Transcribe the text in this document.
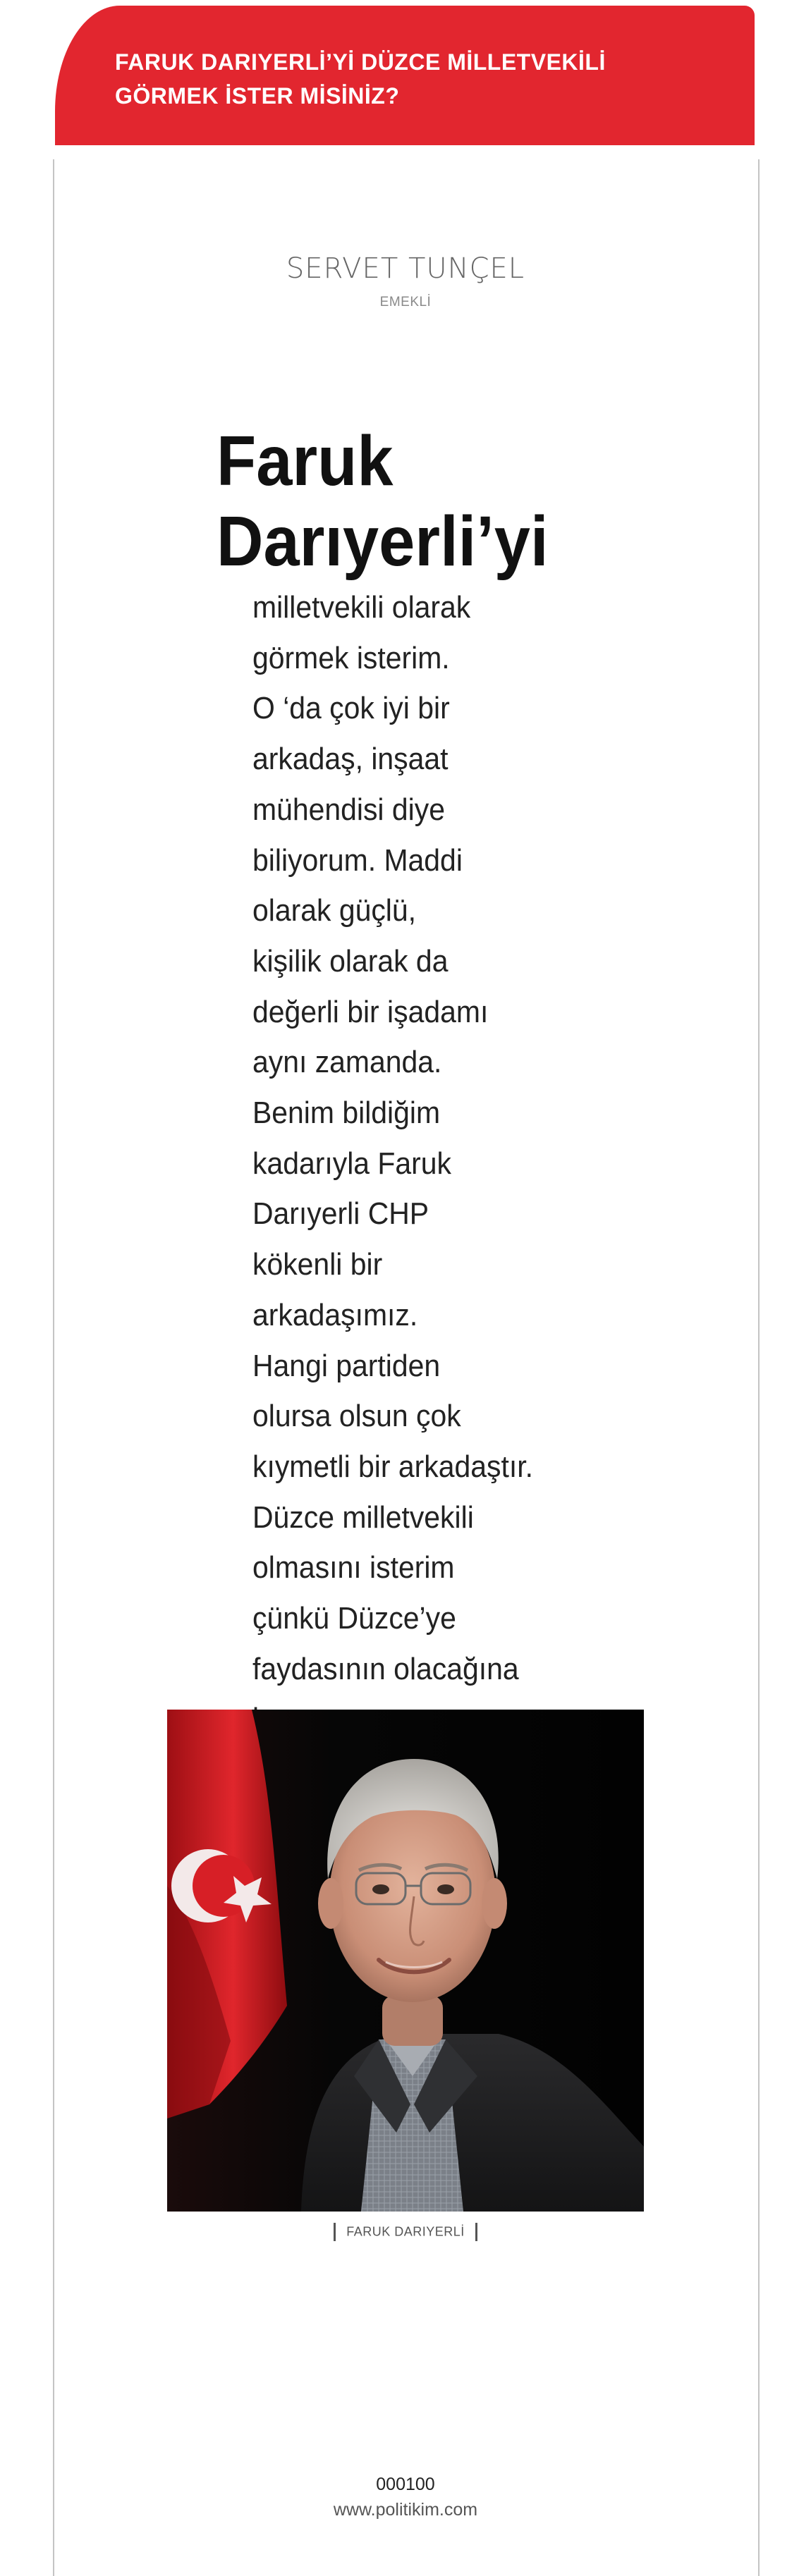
FARUK DARIYERLİ’Yİ DÜZCE MİLLETVEKİLİ
GÖRMEK İSTER MİSİNİZ?
SERVET TUNÇEL
EMEKLİ
Faruk
Darıyerli’yi

milletvekili olarak
görmek isterim.
O ‘da çok iyi bir
arkadaş, inşaat
mühendisi diye
biliyorum. Maddi
olarak güçlü,
kişilik olarak da
değerli bir işadamı
aynı zamanda.
Benim bildiğim
kadarıyla Faruk
Darıyerli CHP
kökenli bir
arkadaşımız.
Hangi partiden
olursa olsun çok
kıymetli bir arkadaştır.
Düzce milletvekili
olmasını isterim
çünkü Düzce’ye
faydasının olacağına

FARUK DARIYERLİ
000100
www.politikim.com
